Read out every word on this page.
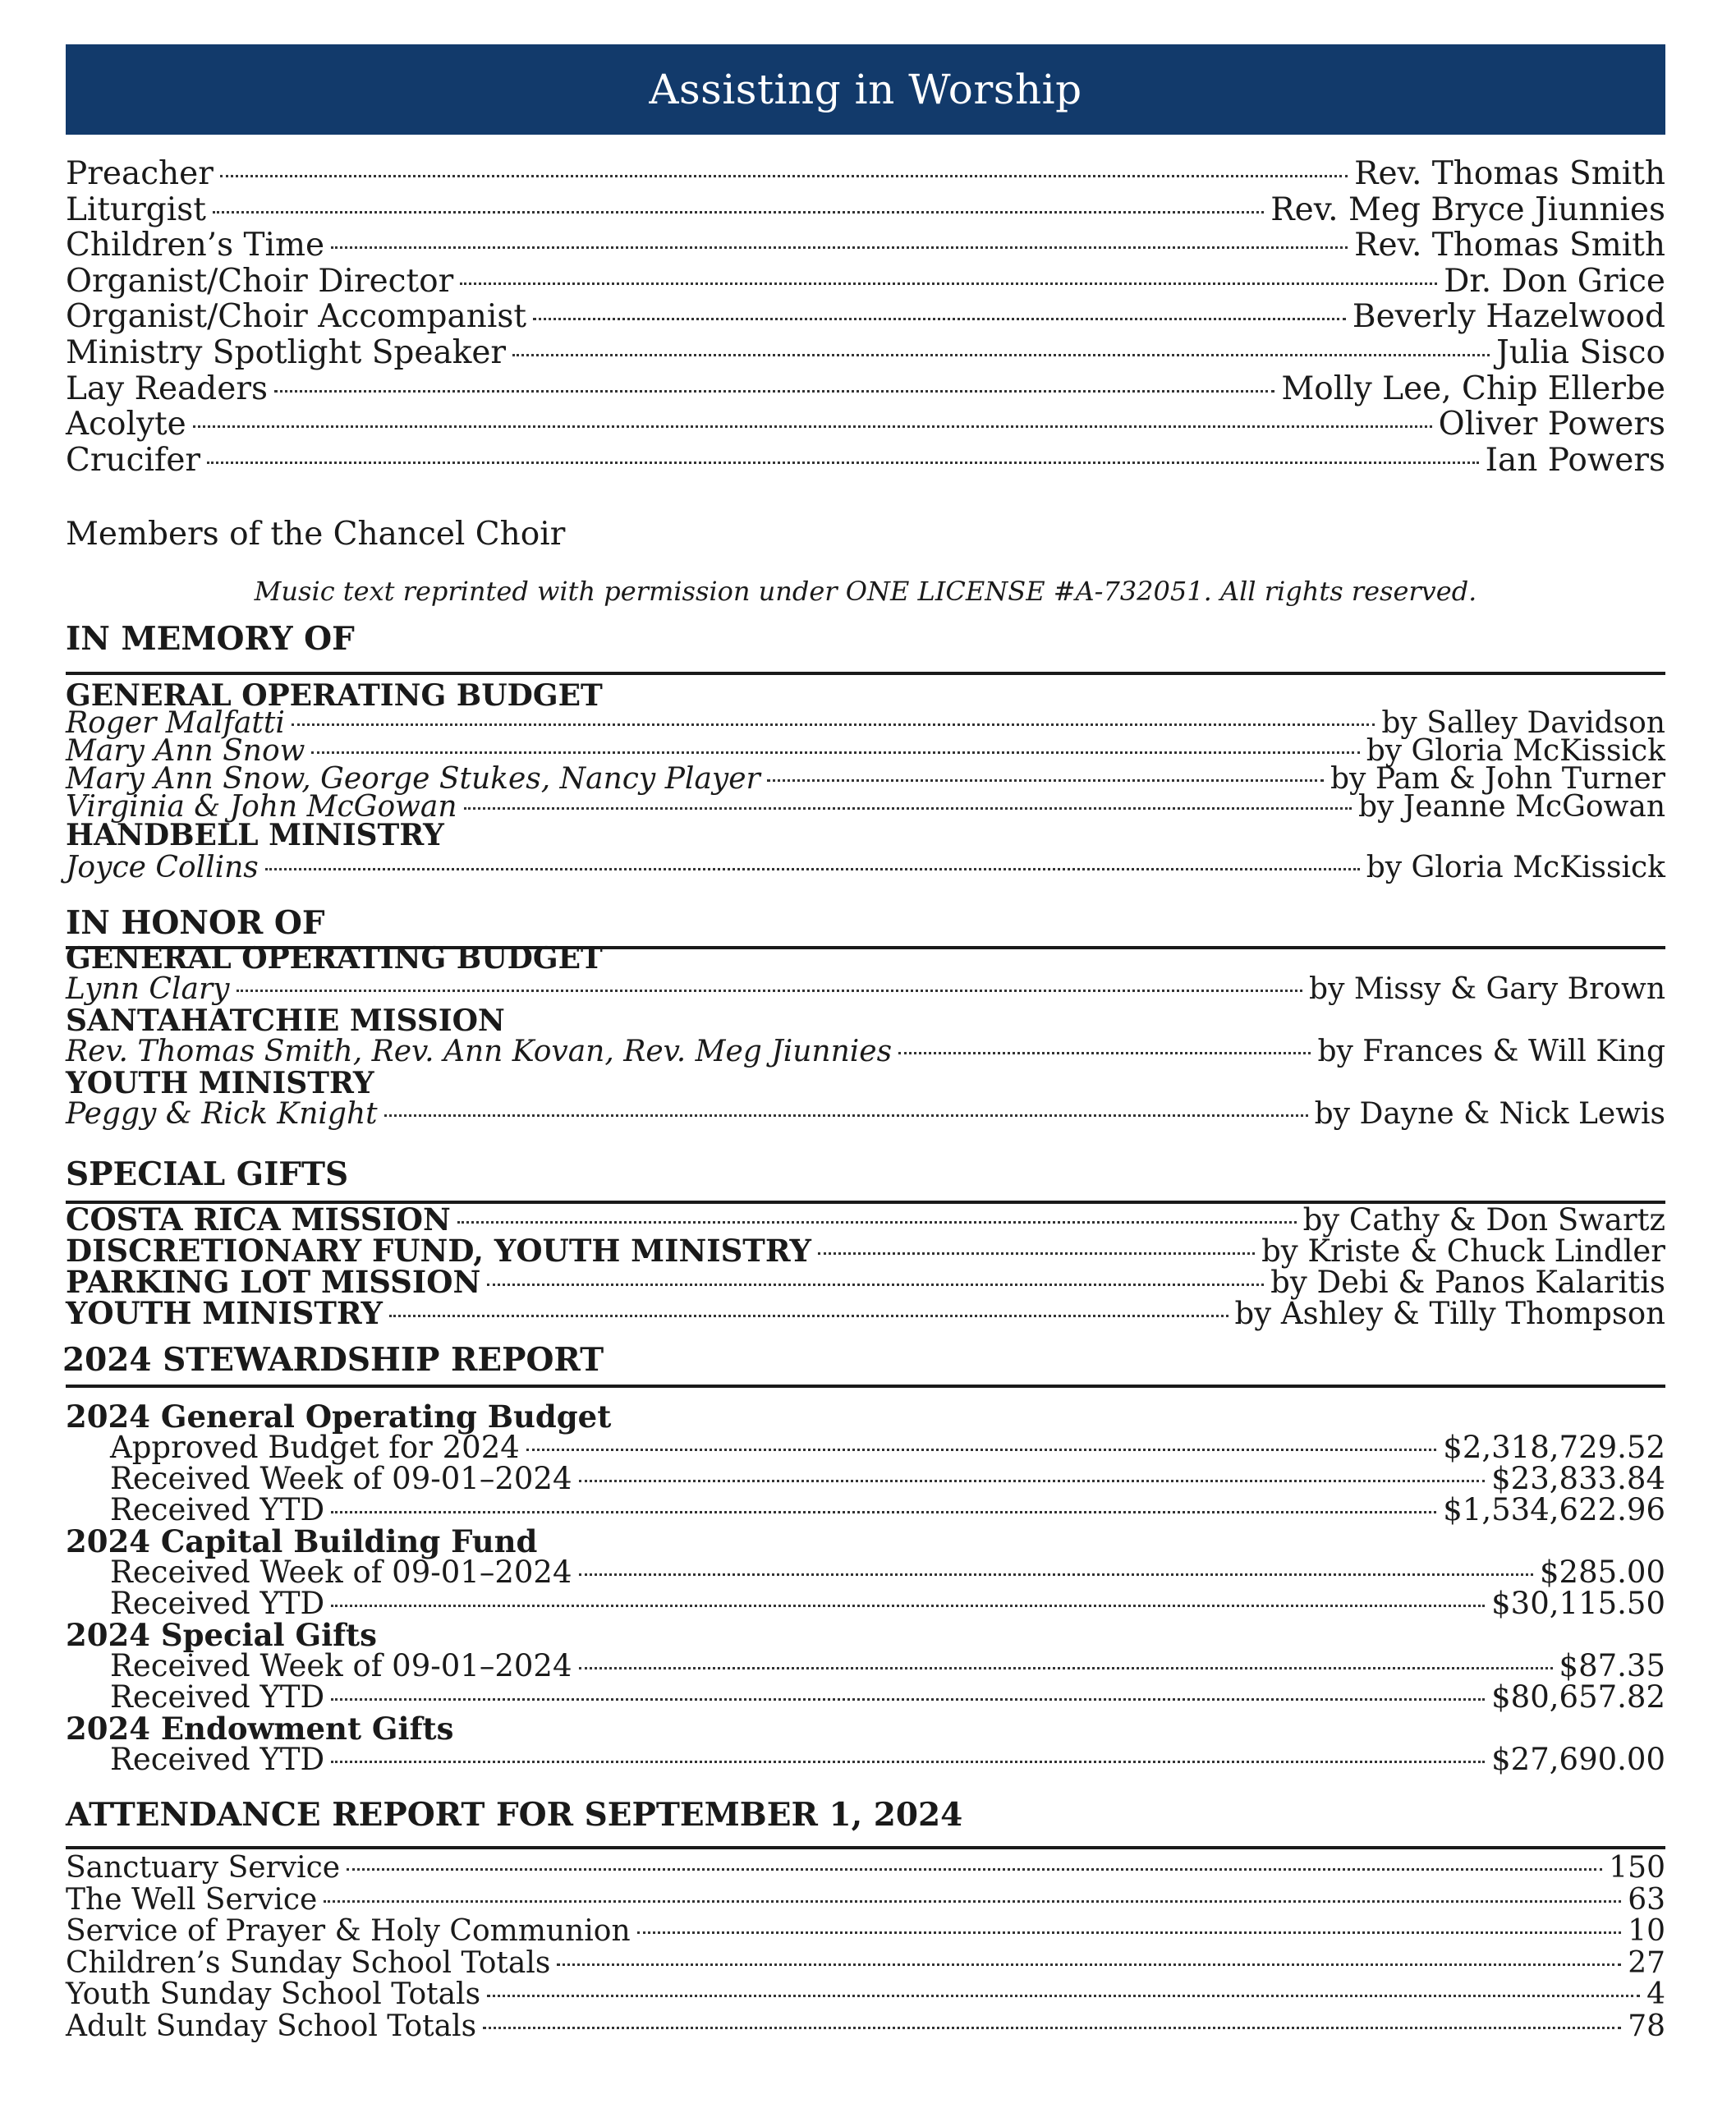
Assisting in Worship
Preacher	Rev. Thomas Smith
Liturgist	Rev. Meg Bryce Jiunnies
Children’s Time	Rev. Thomas Smith
Organist/Choir Director	Dr. Don Grice
Organist/Choir Accompanist	Beverly Hazelwood
Ministry Spotlight Speaker	Julia Sisco
Lay Readers	Molly Lee, Chip Ellerbe
Acolyte	Oliver Powers
Crucifer	Ian Powers
Members of the Chancel Choir
Music text reprinted with permission under ONE LICENSE #A-732051. All rights reserved.
IN MEMORY OF
GENERAL OPERATING BUDGET
Roger Malfatti	by Salley Davidson
Mary Ann Snow	by Gloria McKissick
Mary Ann Snow, George Stukes, Nancy Player	by Pam & John Turner
Virginia & John McGowan	by Jeanne McGowan
HANDBELL MINISTRY
Joyce Collins	by Gloria McKissick
IN HONOR OF
GENERAL OPERATING BUDGET
Lynn Clary	by Missy & Gary Brown
SANTAHATCHIE MISSION
Rev. Thomas Smith, Rev. Ann Kovan, Rev. Meg Jiunnies	by Frances & Will King
YOUTH MINISTRY
Peggy & Rick Knight	by Dayne & Nick Lewis
SPECIAL GIFTS
COSTA RICA MISSION	by Cathy & Don Swartz
DISCRETIONARY FUND, YOUTH MINISTRY	by Kriste & Chuck Lindler
PARKING LOT MISSION	by Debi & Panos Kalaritis
YOUTH MINISTRY	by Ashley & Tilly Thompson
2024 STEWARDSHIP REPORT
2024 General Operating Budget
Approved Budget for 2024	$2,318,729.52
Received Week of 09-01–2024	$23,833.84
Received YTD	$1,534,622.96
2024 Capital Building Fund
Received Week of 09-01–2024	$285.00
Received YTD	$30,115.50
2024 Special Gifts
Received Week of 09-01–2024	$87.35
Received YTD	$80,657.82
2024 Endowment Gifts
Received YTD	$27,690.00
ATTENDANCE REPORT FOR SEPTEMBER 1, 2024
Sanctuary Service	150
The Well Service	63
Service of Prayer & Holy Communion	10
Children’s Sunday School Totals	27
Youth Sunday School Totals	4
Adult Sunday School Totals	78
